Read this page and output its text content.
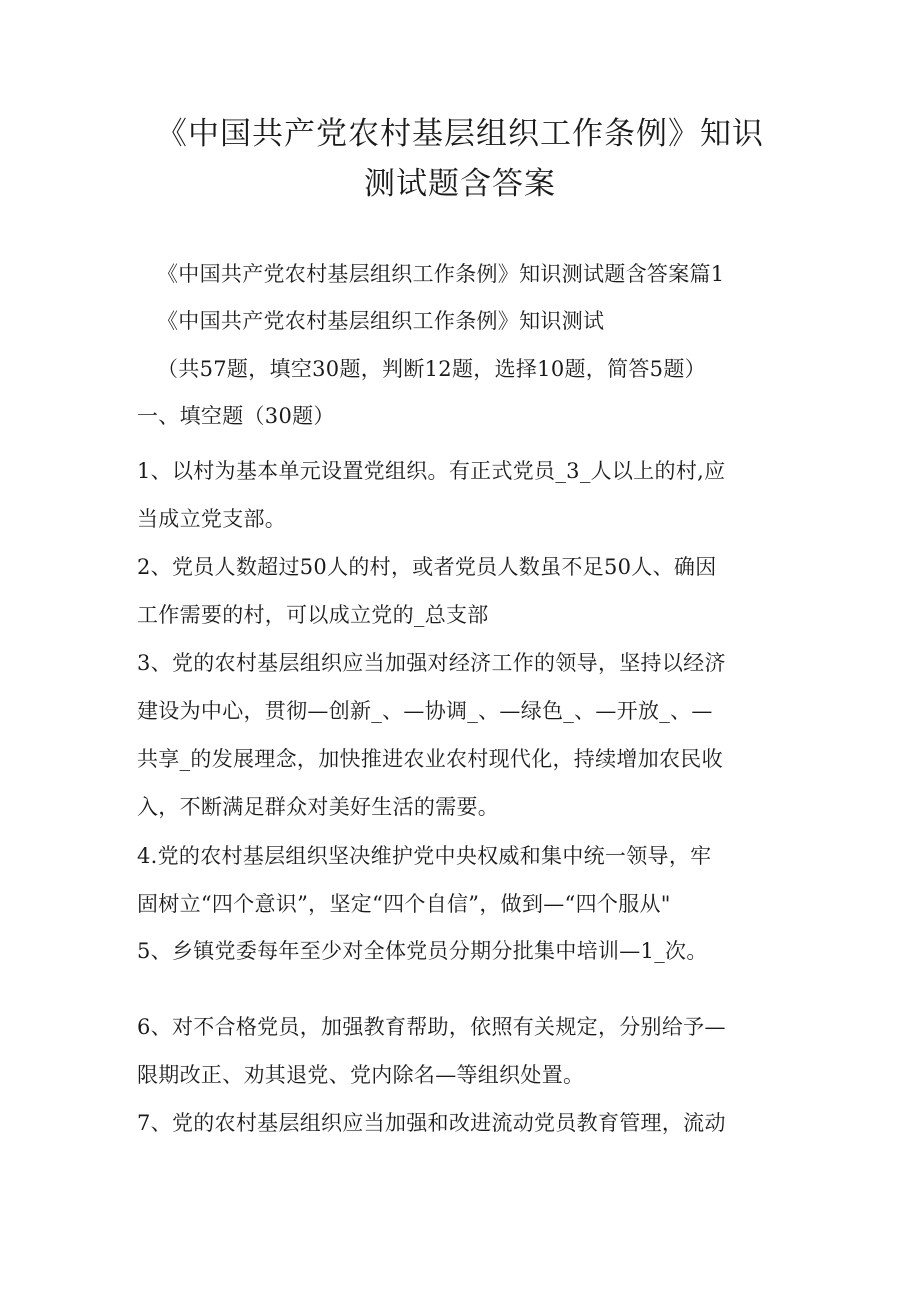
《中国共产党农村基层组织工作条例》知识
测试题含答案
《中国共产党农村基层组织工作条例》知识测试题含答案篇1
《中国共产党农村基层组织工作条例》知识测试
（共57题，填空30题，判断12题，选择10题，简答5题）
一、填空题（30题）
1、以村为基本单元设置党组织。有正式党员_3_人以上的村,应
当成立党支部。
2、党员人数超过50人的村，或者党员人数虽不足50人、确因
工作需要的村，可以成立党的_总支部
3、党的农村基层组织应当加强对经济工作的领导，坚持以经济
建设为中心，贯彻—创新_、—协调_、—绿色_、—开放_、—
共享_的发展理念，加快推进农业农村现代化，持续增加农民收
入，不断满足群众对美好生活的需要。
4.党的农村基层组织坚决维护党中央权威和集中统一领导，牢
固树立“四个意识”，坚定“四个自信”，做到—“四个服从"
5、乡镇党委每年至少对全体党员分期分批集中培训—1_次。
6、对不合格党员，加强教育帮助，依照有关规定，分别给予—
限期改正、劝其退党、党内除名—等组织处置。
7、党的农村基层组织应当加强和改进流动党员教育管理，流动
